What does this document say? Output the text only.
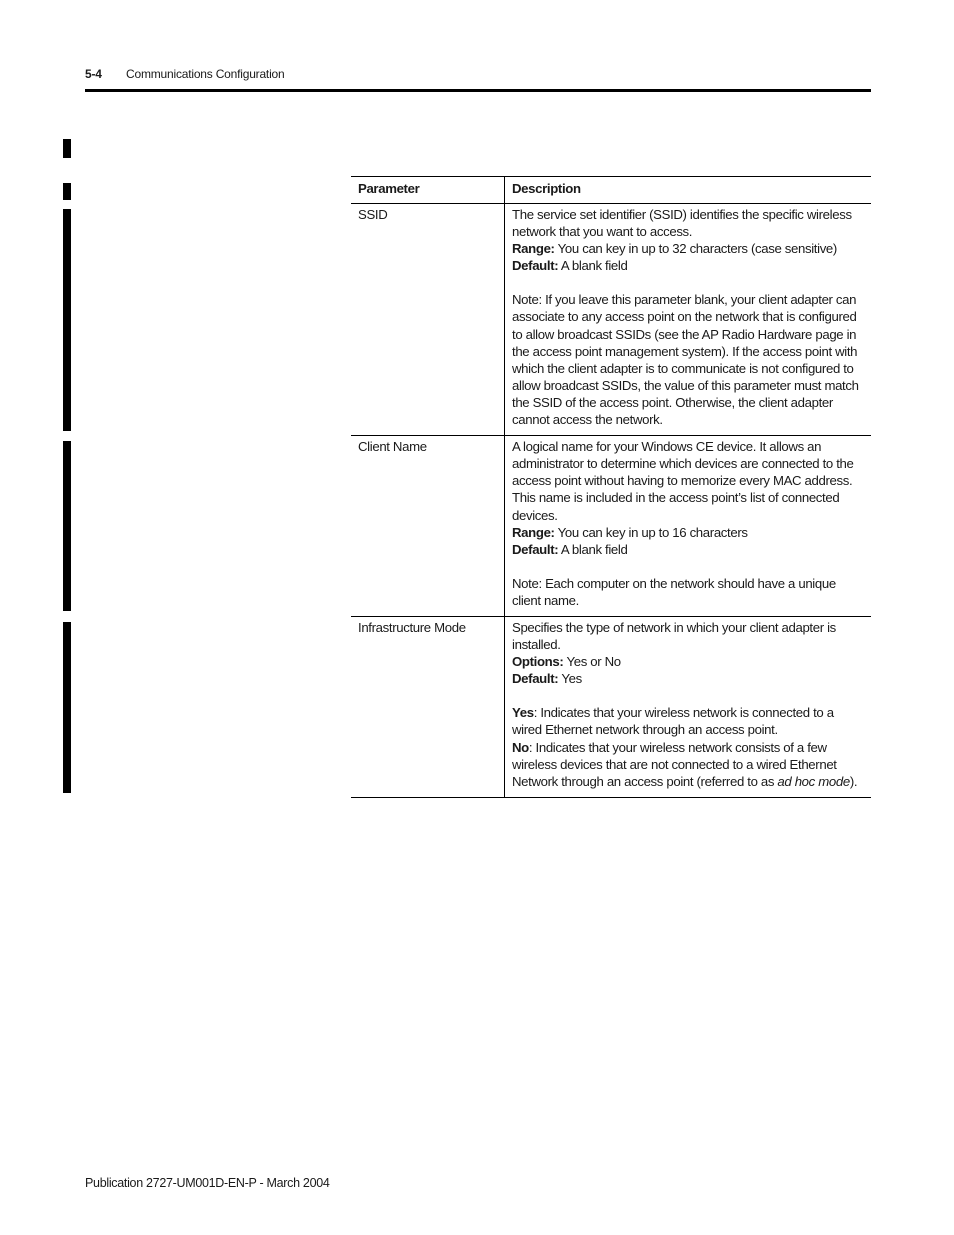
5-4 Communications Configuration
Parameter	Description
SSID	The service set identifier (SSID) identifies the specific wireless network that you want to access.
Range: You can key in up to 32 characters (case sensitive)
Default: A blank field
Note: If you leave this parameter blank, your client adapter can associate to any access point on the network that is configured to allow broadcast SSIDs (see the AP Radio Hardware page in the access point management system). If the access point with which the client adapter is to communicate is not configured to allow broadcast SSIDs, the value of this parameter must match the SSID of the access point. Otherwise, the client adapter cannot access the network.
Client Name	A logical name for your Windows CE device. It allows an administrator to determine which devices are connected to the access point without having to memorize every MAC address. This name is included in the access point’s list of connected devices.
Range: You can key in up to 16 characters
Default: A blank field
Note: Each computer on the network should have a unique client name.
Infrastructure Mode	Specifies the type of network in which your client adapter is installed.
Options: Yes or No
Default: Yes
Yes: Indicates that your wireless network is connected to a wired Ethernet network through an access point.
No: Indicates that your wireless network consists of a few wireless devices that are not connected to a wired Ethernet Network through an access point (referred to as ad hoc mode).
Publication 2727-UM001D-EN-P - March 2004
